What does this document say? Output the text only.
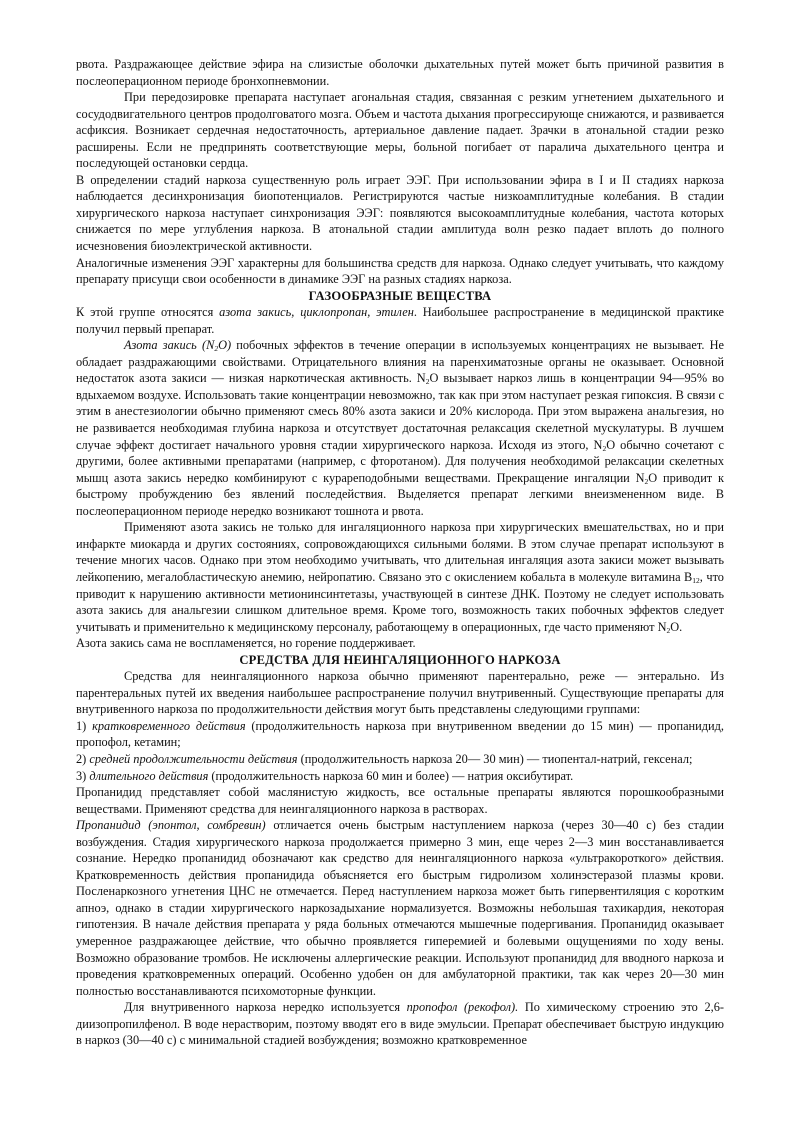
рвота. Раздражающее действие эфира на слизистые оболочки дыхательных путей может быть причиной развития в послеоперационном периоде бронхопневмонии.

При передозировке препарата наступает агональная стадия, связанная с резким угнетением дыхательного и сосудодвигательного центров продолговатого мозга. Объем и частота дыхания прогрессирующе снижаются, и развивается асфиксия. Возникает сердечная недостаточность, артериальное давление падает. Зрачки в атональной стадии резко расширены. Если не предпринять соответствующие меры, больной погибает от паралича дыхательного центра и последующей остановки сердца.

В определении стадий наркоза существенную роль играет ЭЭГ. При использовании эфира в I и II стадиях наркоза наблюдается десинхронизация биопотенциалов. Регистрируются частые низкоамплитудные колебания. В стадии хирургического наркоза наступает синхронизация ЭЭГ: появляются высокоамплитудные колебания, частота которых снижается по мере углубления наркоза. В атональной стадии амплитуда волн резко падает вплоть до полного исчезновения биоэлектрической активности.

Аналогичные изменения ЭЭГ характерны для большинства средств для наркоза. Однако следует учитывать, что каждому препарату присущи свои особенности в динамике ЭЭГ на разных стадиях наркоза.

ГАЗООБРАЗНЫЕ ВЕЩЕСТВА

К этой группе относятся азота закись, циклопропан, этилен. Наибольшее распространение в медицинской практике получил первый препарат.

Азота закись $(N_2O)$ побочных эффектов в течение операции в используемых концентрациях не вызывает. Не обладает раздражающими свойствами. Отрицательного влияния на паренхиматозные органы не оказывает. Основной недостаток азота закиси — низкая наркотическая активность. $N_2O$ вызывает наркоз лишь в концентрации 94—95% во вдыхаемом воздухе. Использовать такие концентрации невозможно, так как при этом наступает резкая гипоксия. В связи с этим в анестезиологии обычно применяют смесь 80% азота закиси и 20% кислорода. При этом выражена анальгезия, но не развивается необходимая глубина наркоза и отсутствует достаточная релаксация скелетной мускулатуры. В лучшем случае эффект достигает начального уровня стадии хирургического наркоза. Исходя из этого, $N_2O$ обычно сочетают с другими, более активными препаратами (например, с фторотаном). Для получения необходимой релаксации скелетных мышц азота закись нередко комбинируют с курареподобными веществами. Прекращение ингаляции $N_2O$ приводит к быстрому пробуждению без явлений последействия. Выделяется препарат легкими внеизмененном виде. В послеоперационном периоде нередко возникают тошнота и рвота.

Применяют азота закись не только для ингаляционного наркоза при хирургических вмешательствах, но и при инфаркте миокарда и других состояниях, сопровождающихся сильными болями. В этом случае препарат используют в течение многих часов. Однако при этом необходимо учитывать, что длительная ингаляция азота закиси может вызывать лейкопению, мегалобластическую анемию, нейропатию. Связано это с окислением кобальта в молекуле витамина $B_{12}$, что приводит к нарушению активности метионинсинтетазы, участвующей в синтезе ДНК. Поэтому не следует использовать азота закись для анальгезии слишком длительное время. Кроме того, возможность таких побочных эффектов следует учитывать и применительно к медицинскому персоналу, работающему в операционных, где часто применяют $N_2O$.

Азота закись сама не воспламеняется, но горение поддерживает.

СРЕДСТВА ДЛЯ НЕИНГАЛЯЦИОННОГО НАРКОЗА

Средства для неингаляционного наркоза обычно применяют парентерально, реже — энтерально. Из парентеральных путей их введения наибольшее распространение получил внутривенный. Существующие препараты для внутривенного наркоза по продолжительности действия могут быть представлены следующими группами:

1) кратковременного действия (продолжительность наркоза при внутривенном введении до 15 мин) — пропанидид, пропофол, кетамин;

2) средней продолжительности действия (продолжительность наркоза 20— 30 мин) — тиопентал-натрий, гексенал;

3) длительного действия (продолжительность наркоза 60 мин и более) — натрия оксибутират.

Пропанидид представляет собой маслянистую жидкость, все остальные препараты являются порошкообразными веществами. Применяют средства для неингаляционного наркоза в растворах.

Пропанидид (эпонтол, сомбревин) отличается очень быстрым наступлением наркоза (через 30—40 с) без стадии возбуждения. Стадия хирургического наркоза продолжается примерно 3 мин, еще через 2—3 мин восстанавливается сознание. Нередко пропанидид обозначают как средство для неингаляционного наркоза «ультракороткого» действия. Кратковременность действия пропанидида объясняется его быстрым гидролизом холинэстеразой плазмы крови. Посленаркозного угнетения ЦНС не отмечается. Перед наступлением наркоза может быть гипервентиляция с коротким апноэ, однако в стадии хирургического наркозадыхание нормализуется. Возможны небольшая тахикардия, некоторая гипотензия. В начале действия препарата у ряда больных отмечаются мышечные подергивания. Пропанидид оказывает умеренное раздражающее действие, что обычно проявляется гиперемией и болевыми ощущениями по ходу вены. Возможно образование тромбов. Не исключены аллергические реакции. Используют пропанидид для вводного наркоза и проведения кратковременных операций. Особенно удобен он для амбулаторной практики, так как через 20—30 мин полностью восстанавливаются психомоторные функции.

Для внутривенного наркоза нередко используется пропофол (рекофол). По химическому строению это 2,6-диизопропилфенол. В воде нерастворим, поэтому вводят его в виде эмульсии. Препарат обеспечивает быструю индукцию в наркоз (30—40 с) с минимальной стадией возбуждения; возможно кратковременное
